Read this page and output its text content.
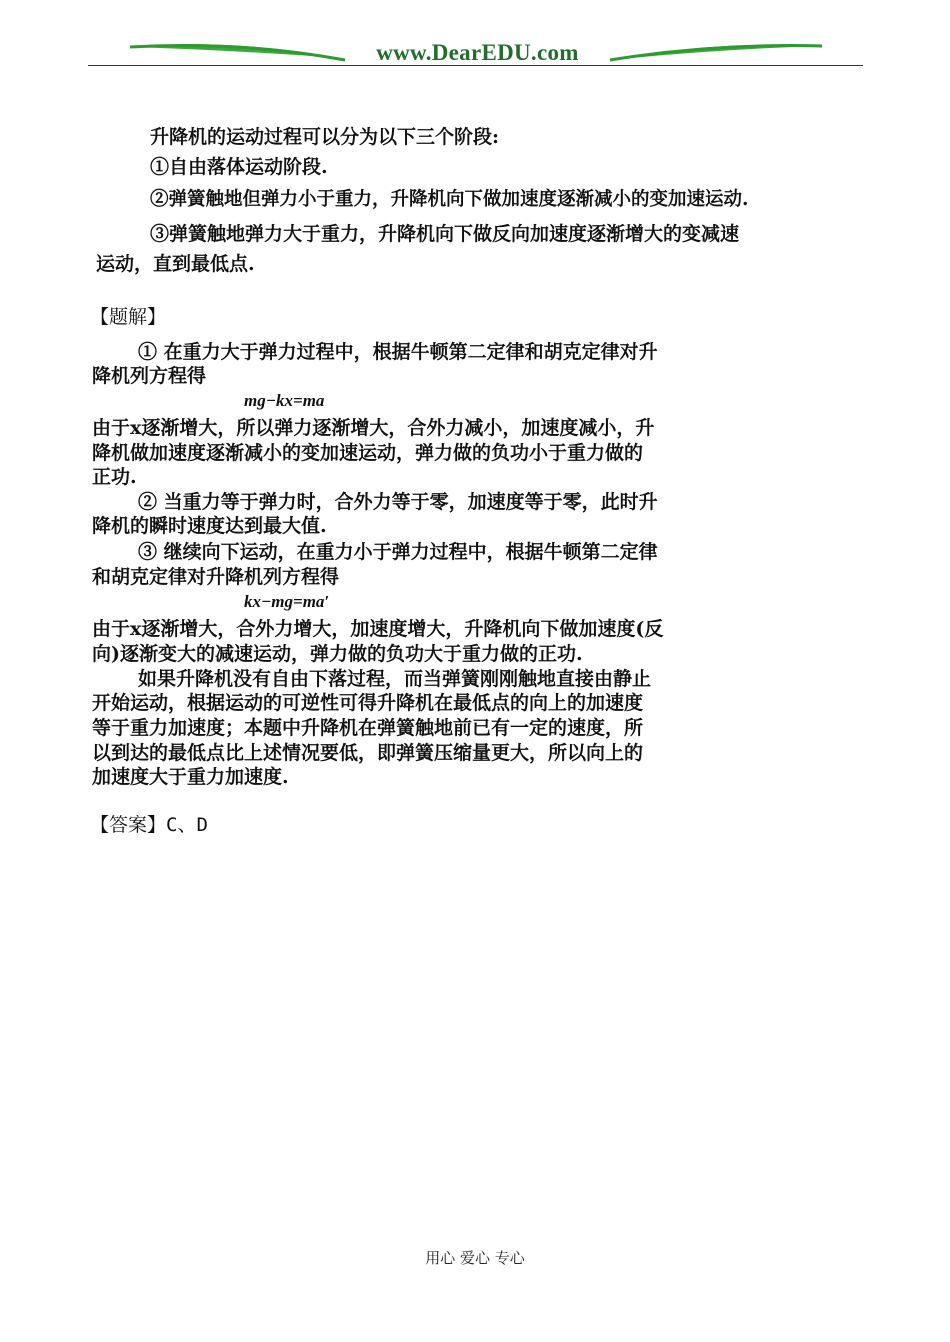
www.DearEDU.com
升降机的运动过程可以分为以下三个阶段:
①自由落体运动阶段.
②弹簧触地但弹力小于重力，升降机向下做加速度逐渐减小的变加速运动.
③弹簧触地弹力大于重力，升降机向下做反向加速度逐渐增大的变减速
运动，直到最低点.
【题解】
① 在重力大于弹力过程中，根据牛顿第二定律和胡克定律对升
降机列方程得
mg−kx=ma
由于x逐渐增大，所以弹力逐渐增大，合外力减小，加速度减小，升
降机做加速度逐渐减小的变加速运动，弹力做的负功小于重力做的
正功.
② 当重力等于弹力时，合外力等于零，加速度等于零，此时升
降机的瞬时速度达到最大值.
③ 继续向下运动，在重力小于弹力过程中，根据牛顿第二定律
和胡克定律对升降机列方程得
kx−mg=ma′
由于x逐渐增大，合外力增大，加速度增大，升降机向下做加速度(反
向)逐渐变大的减速运动，弹力做的负功大于重力做的正功.
如果升降机没有自由下落过程，而当弹簧刚刚触地直接由静止
开始运动，根据运动的可逆性可得升降机在最低点的向上的加速度
等于重力加速度；本题中升降机在弹簧触地前已有一定的速度，所
以到达的最低点比上述情况要低，即弹簧压缩量更大，所以向上的
加速度大于重力加速度.
【答案】C、D
用心 爱心 专心
